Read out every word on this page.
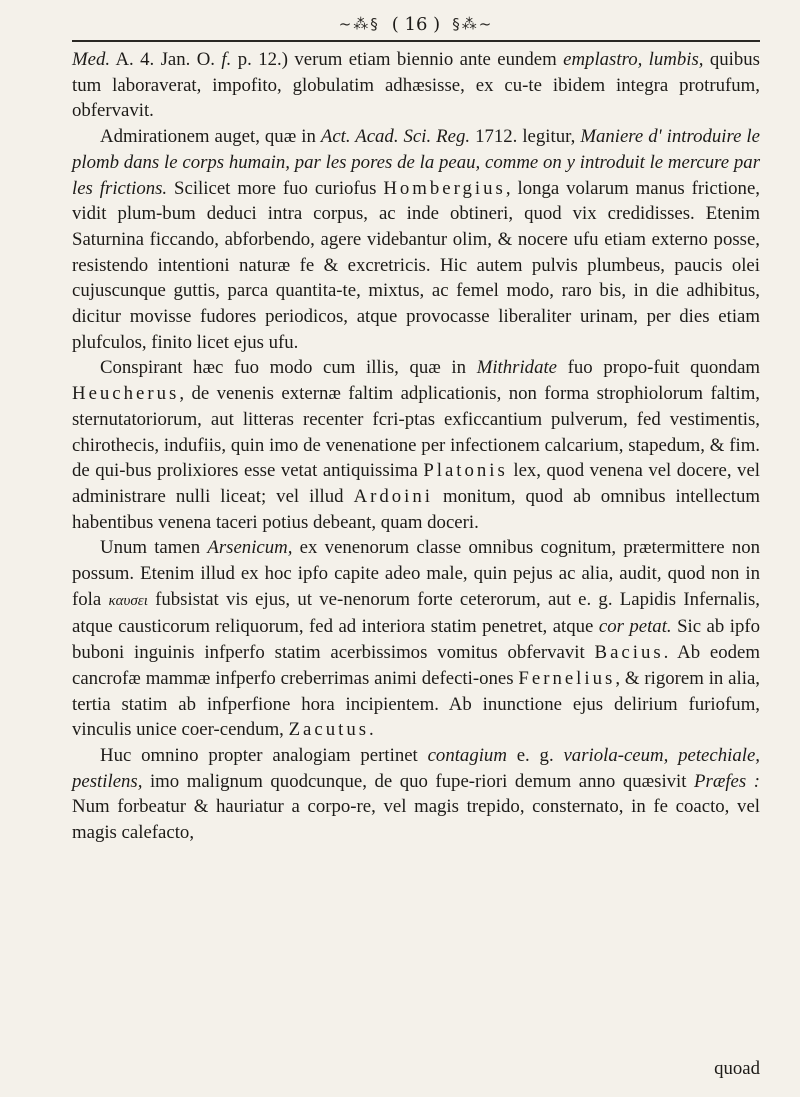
~⁂§ ( 16 ) §⁂~

Med. A. 4. Jan. O. f. p. 12.) verum etiam biennio ante eundem emplastro, lumbis, quibus tum laboraverat, impofito, globulatim adhæsisse, ex cu-te ibidem integra protrufum, obfervavit.

Admirationem auget, quæ in Act. Acad. Sci. Reg. 1712. legitur, Maniere d' introduire le plomb dans le corps humain, par les pores de la peau, comme on y introduit le mercure par les frictions. Scilicet more fuo curiofus Hombergius, longa volarum manus frictione, vidit plum-bum deduci intra corpus, ac inde obtineri, quod vix credidisses. Etenim Saturnina ficcando, abforbendo, agere videbantur olim, & nocere ufu etiam externo posse, resistendo intentioni naturæ fe & excretricis. Hic autem pulvis plumbeus, paucis olei cujuscunque guttis, parca quantita-te, mixtus, ac femel modo, raro bis, in die adhibitus, dicitur movisse fudores periodicos, atque provocasse liberaliter urinam, per dies etiam plufculos, finito licet ejus ufu.

Conspirant hæc fuo modo cum illis, quæ in Mithridate fuo propo-fuit quondam Heucherus, de venenis externæ faltim adplicationis, non forma strophiolorum faltim, sternutatoriorum, aut litteras recenter fcri-ptas exficcantium pulverum, fed vestimentis, chirothecis, indufiis, quin imo de venenatione per infectionem calcarium, stapedum, & fim. de qui-bus prolixiores esse vetat antiquissima Platonis lex, quod venena vel docere, vel administrare nulli liceat; vel illud Ardoini monitum, quod ab omnibus intellectum habentibus venena taceri potius debeant, quam doceri.

Unum tamen Arsenicum, ex venenorum classe omnibus cognitum, prætermittere non possum. Etenim illud ex hoc ipfo capite adeo male, quin pejus ac alia, audit, quod non in fola καυσει fubsistat vis ejus, ut ve-nenorum forte ceterorum, aut e. g. Lapidis Infernalis, atque causticorum reliquorum, fed ad interiora statim penetret, atque cor petat. Sic ab ipfo buboni inguinis infperfo statim acerbissimos vomitus obfervavit Bacius. Ab eodem cancrofæ mammæ infperfo creberrimas animi defecti-ones Fernelius, & rigorem in alia, tertia statim ab infperfione hora incipientem. Ab inunctione ejus delirium furiofum, vinculis unice coer-cendum, Zacutus.

Huc omnino propter analogiam pertinet contagium e. g. variola-ceum, petechiale, pestilens, imo malignum quodcunque, de quo fupe-riori demum anno quæsivit Præfes : Num forbeatur & hauriatur a corpo-re, vel magis trepido, consternato, in fe coacto, vel magis calefacto,

quoad
